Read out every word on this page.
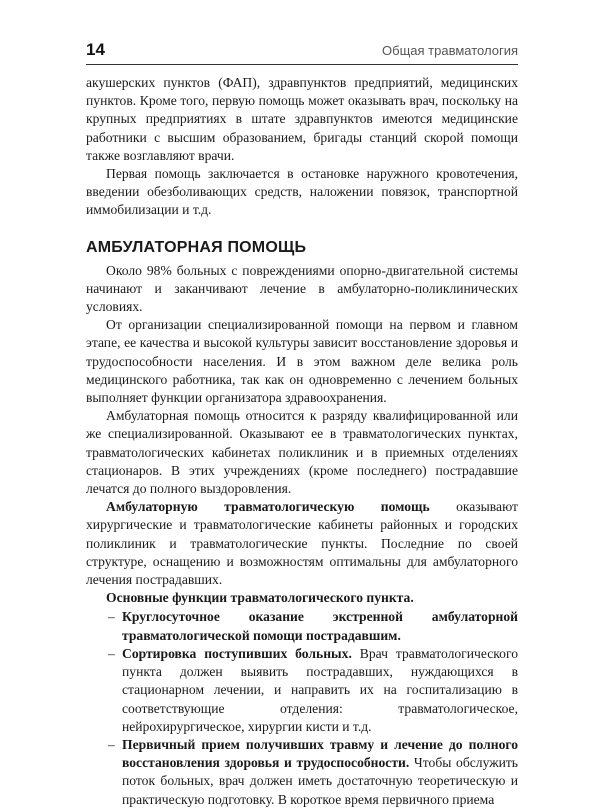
14	Общая травматология

акушерских пунктов (ФАП), здравпунктов предприятий, медицинских пунктов. Кроме того, первую помощь может оказывать врач, поскольку на крупных предприятиях в штате здравпунктов имеются медицинские работники с высшим образованием, бригады станций скорой помощи также возглавляют врачи.

Первая помощь заключается в остановке наружного кровотечения, введении обезболивающих средств, наложении повязок, транспортной иммобилизации и т.д.

АМБУЛАТОРНАЯ ПОМОЩЬ

Около 98% больных с повреждениями опорно-двигательной системы начинают и заканчивают лечение в амбулаторно-поликлинических условиях.

От организации специализированной помощи на первом и главном этапе, ее качества и высокой культуры зависит восстановление здоровья и трудоспособности населения. И в этом важном деле велика роль медицинского работника, так как он одновременно с лечением больных выполняет функции организатора здравоохранения.

Амбулаторная помощь относится к разряду квалифицированной или же специализированной. Оказывают ее в травматологических пунктах, травматологических кабинетах поликлиник и в приемных отделениях стационаров. В этих учреждениях (кроме последнего) пострадавшие лечатся до полного выздоровления.

Амбулаторную травматологическую помощь оказывают хирургические и травматологические кабинеты районных и городских поликлиник и травматологические пункты. Последние по своей структуре, оснащению и возможностям оптимальны для амбулаторного лечения пострадавших.

Основные функции травматологического пункта.

– Круглосуточное оказание экстренной амбулаторной травматологической помощи пострадавшим.
– Сортировка поступивших больных. Врач травматологического пункта должен выявить пострадавших, нуждающихся в стационарном лечении, и направить их на госпитализацию в соответствующие отделения: травматологическое, нейрохирургическое, хирургии кисти и т.д.
– Первичный прием получивших травму и лечение до полного восстановления здоровья и трудоспособности. Чтобы обслужить поток больных, врач должен иметь достаточную теоретическую и практическую подготовку. В короткое время первичного приема
